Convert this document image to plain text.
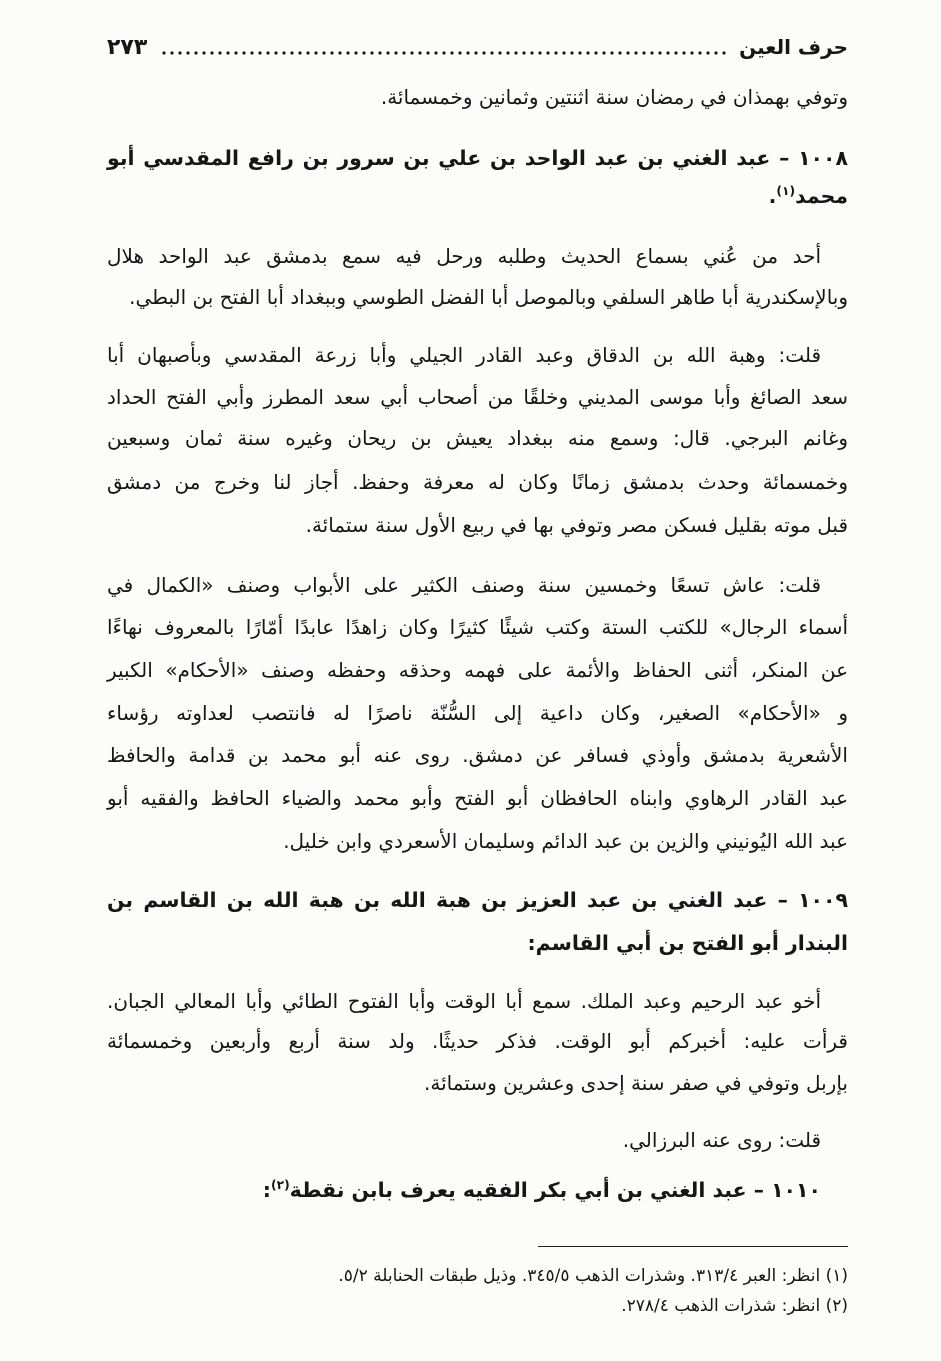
حرف العين
٢٧٣
وتوفي بهمذان في رمضان سنة اثنتين وثمانين وخمسمائة.
١٠٠٨ – عبد الغني بن عبد الواحد بن علي بن سرور بن رافع المقدسي أبو
محمد$^{(١)}$.
أحد من عُني بسماع الحديث وطلبه ورحل فيه سمع بدمشق عبد الواحد هلال
وبالإسكندرية أبا طاهر السلفي وبالموصل أبا الفضل الطوسي وببغداد أبا الفتح بن البطي.
قلت: وهبة الله بن الدقاق وعبد القادر الجيلي وأبا زرعة المقدسي وبأصبهان أبا
سعد الصائغ وأبا موسى المديني وخلقًا من أصحاب أبي سعد المطرز وأبي الفتح الحداد
وغانم البرجي. قال: وسمع منه ببغداد يعيش بن ريحان وغيره سنة ثمان وسبعين
وخمسمائة وحدث بدمشق زمانًا وكان له معرفة وحفظ. أجاز لنا وخرج من دمشق
قبل موته بقليل فسكن مصر وتوفي بها في ربيع الأول سنة ستمائة.
قلت: عاش تسعًا وخمسين سنة وصنف الكثير على الأبواب وصنف «الكمال في
أسماء الرجال» للكتب الستة وكتب شيئًا كثيرًا وكان زاهدًا عابدًا أمّارًا بالمعروف نهاءًا
عن المنكر، أثنى الحفاظ والأئمة على فهمه وحذقه وحفظه وصنف «الأحكام» الكبير
و «الأحكام» الصغير، وكان داعية إلى السُّنّة ناصرًا له فانتصب لعداوته رؤساء
الأشعرية بدمشق وأوذي فسافر عن دمشق. روى عنه أبو محمد بن قدامة والحافظ
عبد القادر الرهاوي وابناه الحافظان أبو الفتح وأبو محمد والضياء الحافظ والفقيه أبو
عبد الله اليُونيني والزين بن عبد الدائم وسليمان الأسعردي وابن خليل.
١٠٠٩ – عبد الغني بن عبد العزيز بن هبة الله بن هبة الله بن القاسم بن
البندار أبو الفتح بن أبي القاسم:
أخو عبد الرحيم وعبد الملك. سمع أبا الوقت وأبا الفتوح الطائي وأبا المعالي الجبان.
قرأت عليه: أخبركم أبو الوقت. فذكر حديثًا. ولد سنة أربع وأربعين وخمسمائة
بإربل وتوفي في صفر سنة إحدى وعشرين وستمائة.
قلت: روى عنه البرزالي.
١٠١٠ – عبد الغني بن أبي بكر الفقيه يعرف بابن نقطة$^{(٢)}$:
(١) انظر: العبر ٣١٣/٤. وشذرات الذهب ٣٤٥/٥. وذيل طبقات الحنابلة ٥/٢.
(٢) انظر: شذرات الذهب ٢٧٨/٤.
